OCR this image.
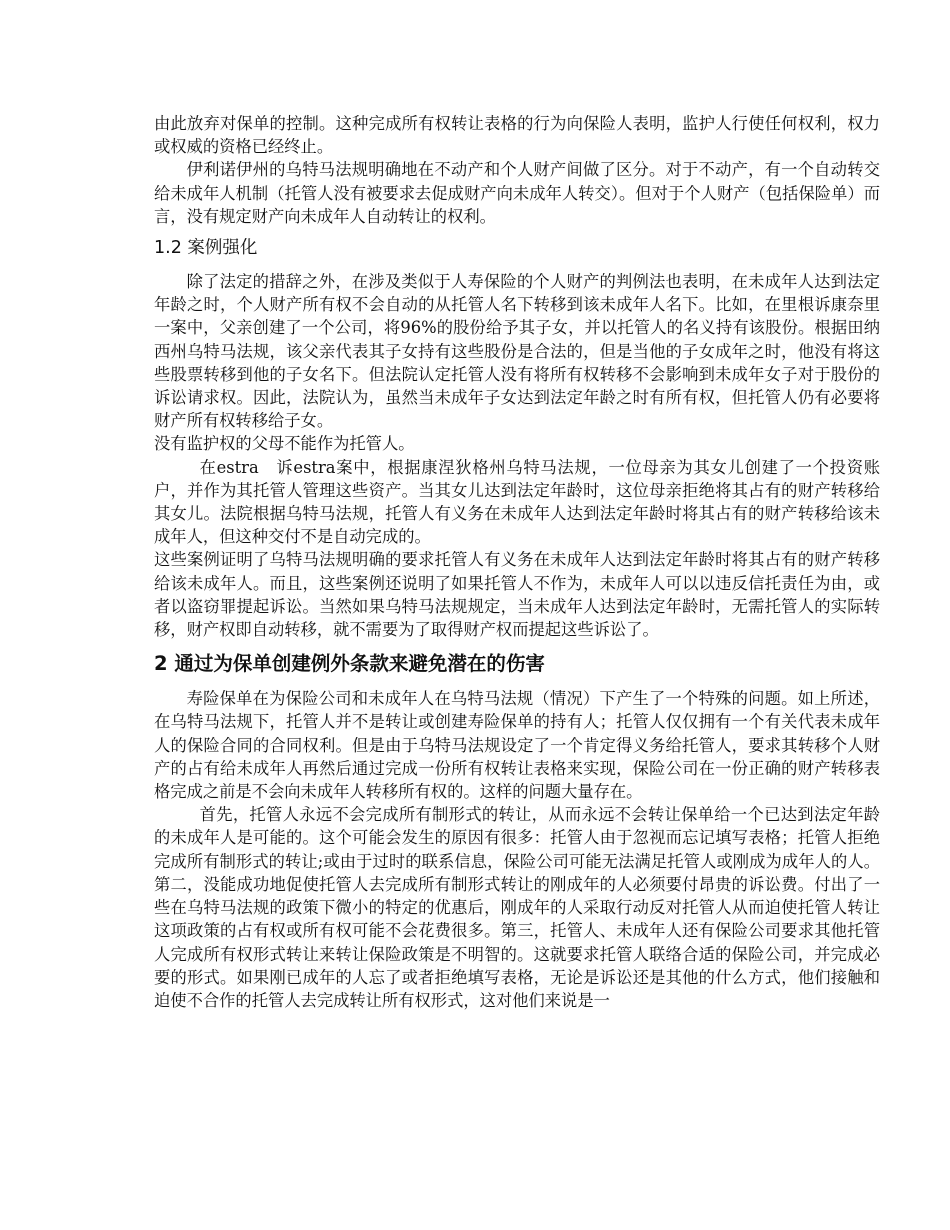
由此放弃对保单的控制。这种完成所有权转让表格的行为向保险人表明，监护人行使任何权利，权力或权威的资格已经终止。

伊利诺伊州的乌特马法规明确地在不动产和个人财产间做了区分。对于不动产，有一个自动转交给未成年人机制（托管人没有被要求去促成财产向未成年人转交）。但对于个人财产（包括保险单）而言，没有规定财产向未成年人自动转让的权利。

1.2 案例强化

除了法定的措辞之外，在涉及类似于人寿保险的个人财产的判例法也表明，在未成年人达到法定年龄之时，个人财产所有权不会自动的从托管人名下转移到该未成年人名下。比如，在里根诉康奈里一案中，父亲创建了一个公司，将96%的股份给予其子女，并以托管人的名义持有该股份。根据田纳西州乌特马法规，该父亲代表其子女持有这些股份是合法的，但是当他的子女成年之时，他没有将这些股票转移到他的子女名下。但法院认定托管人没有将所有权转移不会影响到未成年女子对于股份的诉讼请求权。因此，法院认为，虽然当未成年子女达到法定年龄之时有所有权，但托管人仍有必要将财产所有权转移给子女。

没有监护权的父母不能作为托管人。

在estra　诉estra案中，根据康涅狄格州乌特马法规，一位母亲为其女儿创建了一个投资账户，并作为其托管人管理这些资产。当其女儿达到法定年龄时，这位母亲拒绝将其占有的财产转移给其女儿。法院根据乌特马法规，托管人有义务在未成年人达到法定年龄时将其占有的财产转移给该未成年人，但这种交付不是自动完成的。

这些案例证明了乌特马法规明确的要求托管人有义务在未成年人达到法定年龄时将其占有的财产转移给该未成年人。而且，这些案例还说明了如果托管人不作为，未成年人可以以违反信托责任为由，或者以盗窃罪提起诉讼。当然如果乌特马法规规定，当未成年人达到法定年龄时，无需托管人的实际转移，财产权即自动转移，就不需要为了取得财产权而提起这些诉讼了。

2 通过为保单创建例外条款来避免潜在的伤害

寿险保单在为保险公司和未成年人在乌特马法规（情况）下产生了一个特殊的问题。如上所述，在乌特马法规下，托管人并不是转让或创建寿险保单的持有人；托管人仅仅拥有一个有关代表未成年人的保险合同的合同权利。但是由于乌特马法规设定了一个肯定得义务给托管人，要求其转移个人财产的占有给未成年人再然后通过完成一份所有权转让表格来实现，保险公司在一份正确的财产转移表格完成之前是不会向未成年人转移所有权的。这样的问题大量存在。

首先，托管人永远不会完成所有制形式的转让，从而永远不会转让保单给一个已达到法定年龄的未成年人是可能的。这个可能会发生的原因有很多：托管人由于忽视而忘记填写表格；托管人拒绝完成所有制形式的转让;或由于过时的联系信息，保险公司可能无法满足托管人或刚成为成年人的人。第二，没能成功地促使托管人去完成所有制形式转让的刚成年的人必须要付昂贵的诉讼费。付出了一些在乌特马法规的政策下微小的特定的优惠后，刚成年的人采取行动反对托管人从而迫使托管人转让这项政策的占有权或所有权可能不会花费很多。第三，托管人、未成年人还有保险公司要求其他托管人完成所有权形式转让来转让保险政策是不明智的。这就要求托管人联络合适的保险公司，并完成必要的形式。如果刚已成年的人忘了或者拒绝填写表格，无论是诉讼还是其他的什么方式，他们接触和迫使不合作的托管人去完成转让所有权形式，这对他们来说是一
